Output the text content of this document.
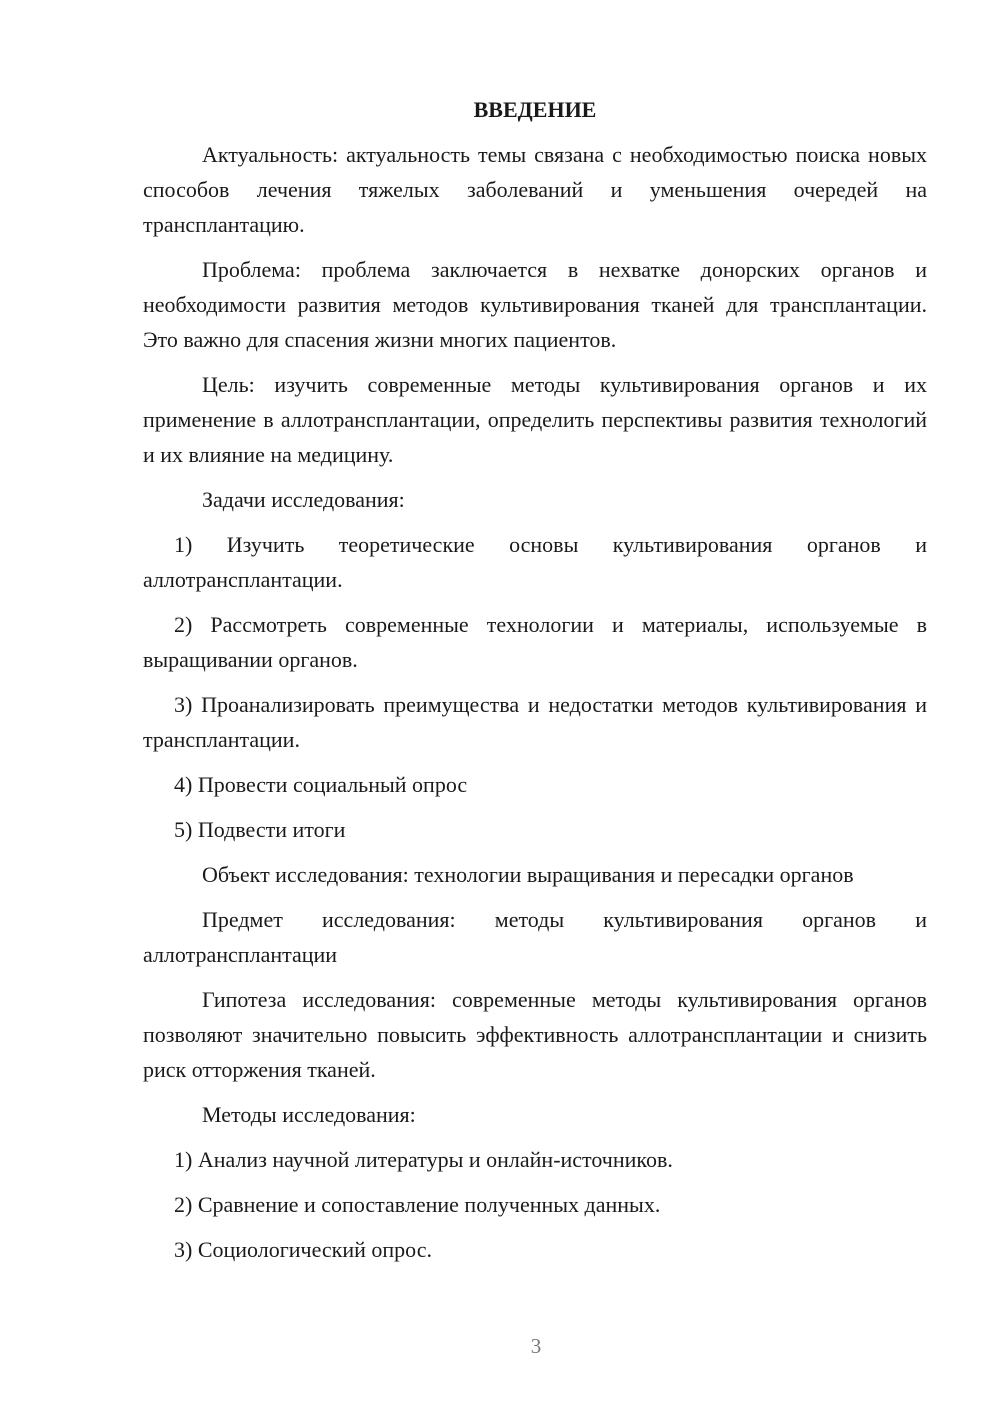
ВВЕДЕНИЕ

Актуальность: актуальность темы связана с необходимостью поиска новых способов лечения тяжелых заболеваний и уменьшения очередей на трансплантацию.

Проблема: проблема заключается в нехватке донорских органов и необходимости развития методов культивирования тканей для трансплантации. Это важно для спасения жизни многих пациентов.

Цель: изучить современные методы культивирования органов и их применение в аллотрансплантации, определить перспективы развития технологий и их влияние на медицину.

Задачи исследования:

1) Изучить теоретические основы культивирования органов и аллотрансплантации.

2) Рассмотреть современные технологии и материалы, используемые в выращивании органов.

3) Проанализировать преимущества и недостатки методов культивирования и трансплантации.

4) Провести социальный опрос

5) Подвести итоги

Объект исследования: технологии выращивания и пересадки органов

Предмет исследования: методы культивирования органов и аллотрансплантации

Гипотеза исследования: современные методы культивирования органов позволяют значительно повысить эффективность аллотрансплантации и снизить риск отторжения тканей.

Методы исследования:

1) Анализ научной литературы и онлайн-источников.

2) Сравнение и сопоставление полученных данных.

3) Социологический опрос.

3
